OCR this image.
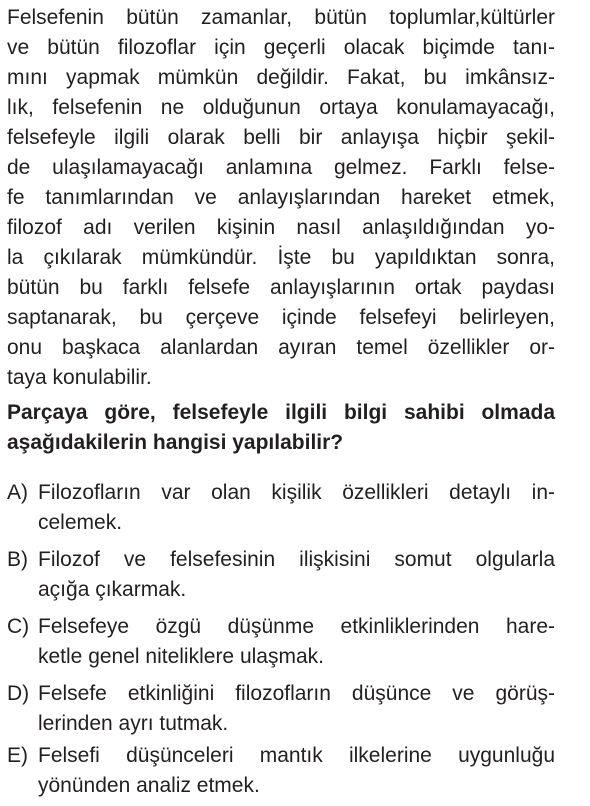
Felsefenin bütün zamanlar, bütün toplumlar,kültürler
ve bütün filozoflar için geçerli olacak biçimde tanı-
mını yapmak mümkün değildir. Fakat, bu imkânsız-
lık, felsefenin ne olduğunun ortaya konulamayacağı,
felsefeyle ilgili olarak belli bir anlayışa hiçbir şekil-
de ulaşılamayacağı anlamına gelmez. Farklı felse-
fe tanımlarından ve anlayışlarından hareket etmek,
filozof adı verilen kişinin nasıl anlaşıldığından yo-
la çıkılarak mümkündür. İşte bu yapıldıktan sonra,
bütün bu farklı felsefe anlayışlarının ortak paydası
saptanarak, bu çerçeve içinde felsefeyi belirleyen,
onu başkaca alanlardan ayıran temel özellikler or-
taya konulabilir.
Parçaya göre, felsefeyle ilgili bilgi sahibi olmada
aşağıdakilerin hangisi yapılabilir?
A) Filozofların var olan kişilik özellikleri detaylı in-
celemek.
B) Filozof ve felsefesinin ilişkisini somut olgularla
açığa çıkarmak.
C) Felsefeye özgü düşünme etkinliklerinden hare-
ketle genel niteliklere ulaşmak.
D) Felsefe etkinliğini filozofların düşünce ve görüş-
lerinden ayrı tutmak.
E) Felsefi düşünceleri mantık ilkelerine uygunluğu
yönünden analiz etmek.
